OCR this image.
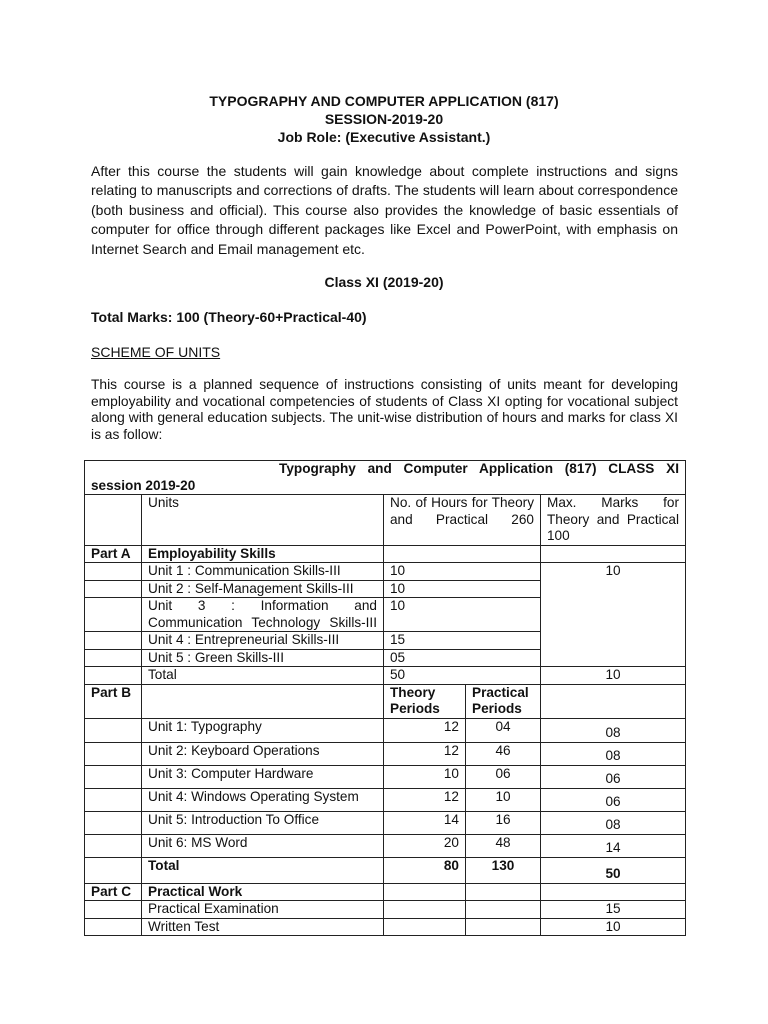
TYPOGRAPHY AND COMPUTER APPLICATION (817)
SESSION-2019-20
Job Role: (Executive Assistant.)
After this course the students will gain knowledge about complete instructions and signs relating to manuscripts and corrections of drafts. The students will learn about correspondence (both business and official). This course also provides the knowledge of basic essentials of computer for office through different packages like Excel and PowerPoint, with emphasis on Internet Search and Email management etc.
Class XI (2019-20)
Total Marks: 100 (Theory-60+Practical-40)
SCHEME OF UNITS
This course is a planned sequence of instructions consisting of units meant for developing employability and vocational competencies of students of Class XI opting for vocational subject along with general education subjects. The unit-wise distribution of hours and marks for class XI is as follow:
Typography and Computer Application (817) CLASS XI
session 2019-20				

	Units	No. of Hours for Theory and Practical 260		Max. Marks for Theory and Practical 100
Part A	Employability Skills			
	Unit 1 : Communication Skills-III	10		10
	Unit 2 : Self-Management Skills-III	10		
	Unit 3 : Information and Communication Technology Skills-III	10		
	Unit 4 : Entrepreneurial Skills-III	15		
	Unit 5 : Green Skills-III	05		
	Total	50		10
Part B		Theory Periods	Practical Periods	
	Unit 1: Typography	12	04	08
	Unit 2: Keyboard Operations	12	46	08
	Unit 3: Computer Hardware	10	06	06
	Unit 4: Windows Operating System	12	10	06
	Unit 5: Introduction To Office	14	16	08
	Unit 6: MS Word	20	48	14
	Total	80	130	50
Part C	Practical Work			
	Practical Examination			15
	Written Test			10
